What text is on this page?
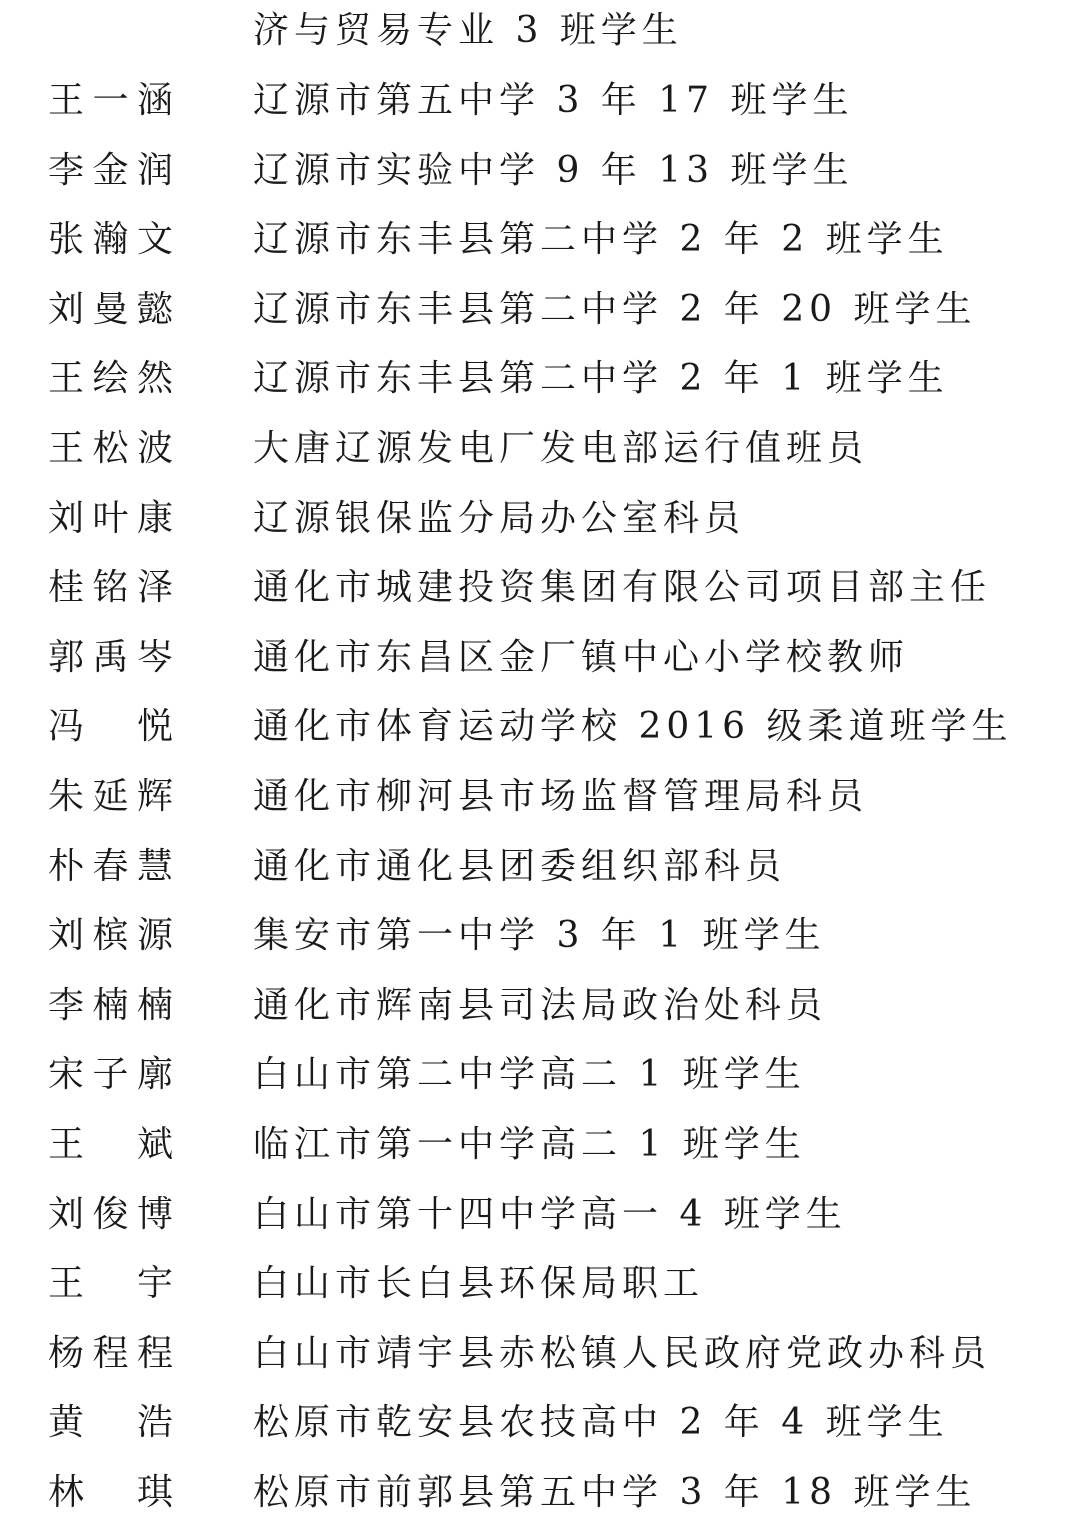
济与贸易专业 3 班学生
王 一 涵 辽源市第五中学 3 年 17 班学生
李 金 润 辽源市实验中学 9 年 13 班学生
张 瀚 文 辽源市东丰县第二中学 2 年 2 班学生
刘 曼 懿 辽源市东丰县第二中学 2 年 20 班学生
王 绘 然 辽源市东丰县第二中学 2 年 1 班学生
王 松 波 大唐辽源发电厂发电部运行值班员
刘 叶 康 辽源银保监分局办公室科员
桂 铭 泽 通化市城建投资集团有限公司项目部主任
郭 禹 岑 通化市东昌区金厂镇中心小学校教师
冯 悦 通化市体育运动学校 2016 级柔道班学生
朱 延 辉 通化市柳河县市场监督管理局科员
朴 春 慧 通化市通化县团委组织部科员
刘 槟 源 集安市第一中学 3 年 1 班学生
李 楠 楠 通化市辉南县司法局政治处科员
宋 子 廓 白山市第二中学高二 1 班学生
王 斌 临江市第一中学高二 1 班学生
刘 俊 博 白山市第十四中学高一 4 班学生
王 宇 白山市长白县环保局职工
杨 程 程 白山市靖宇县赤松镇人民政府党政办科员
黄 浩 松原市乾安县农技高中 2 年 4 班学生
林 琪 松原市前郭县第五中学 3 年 18 班学生
